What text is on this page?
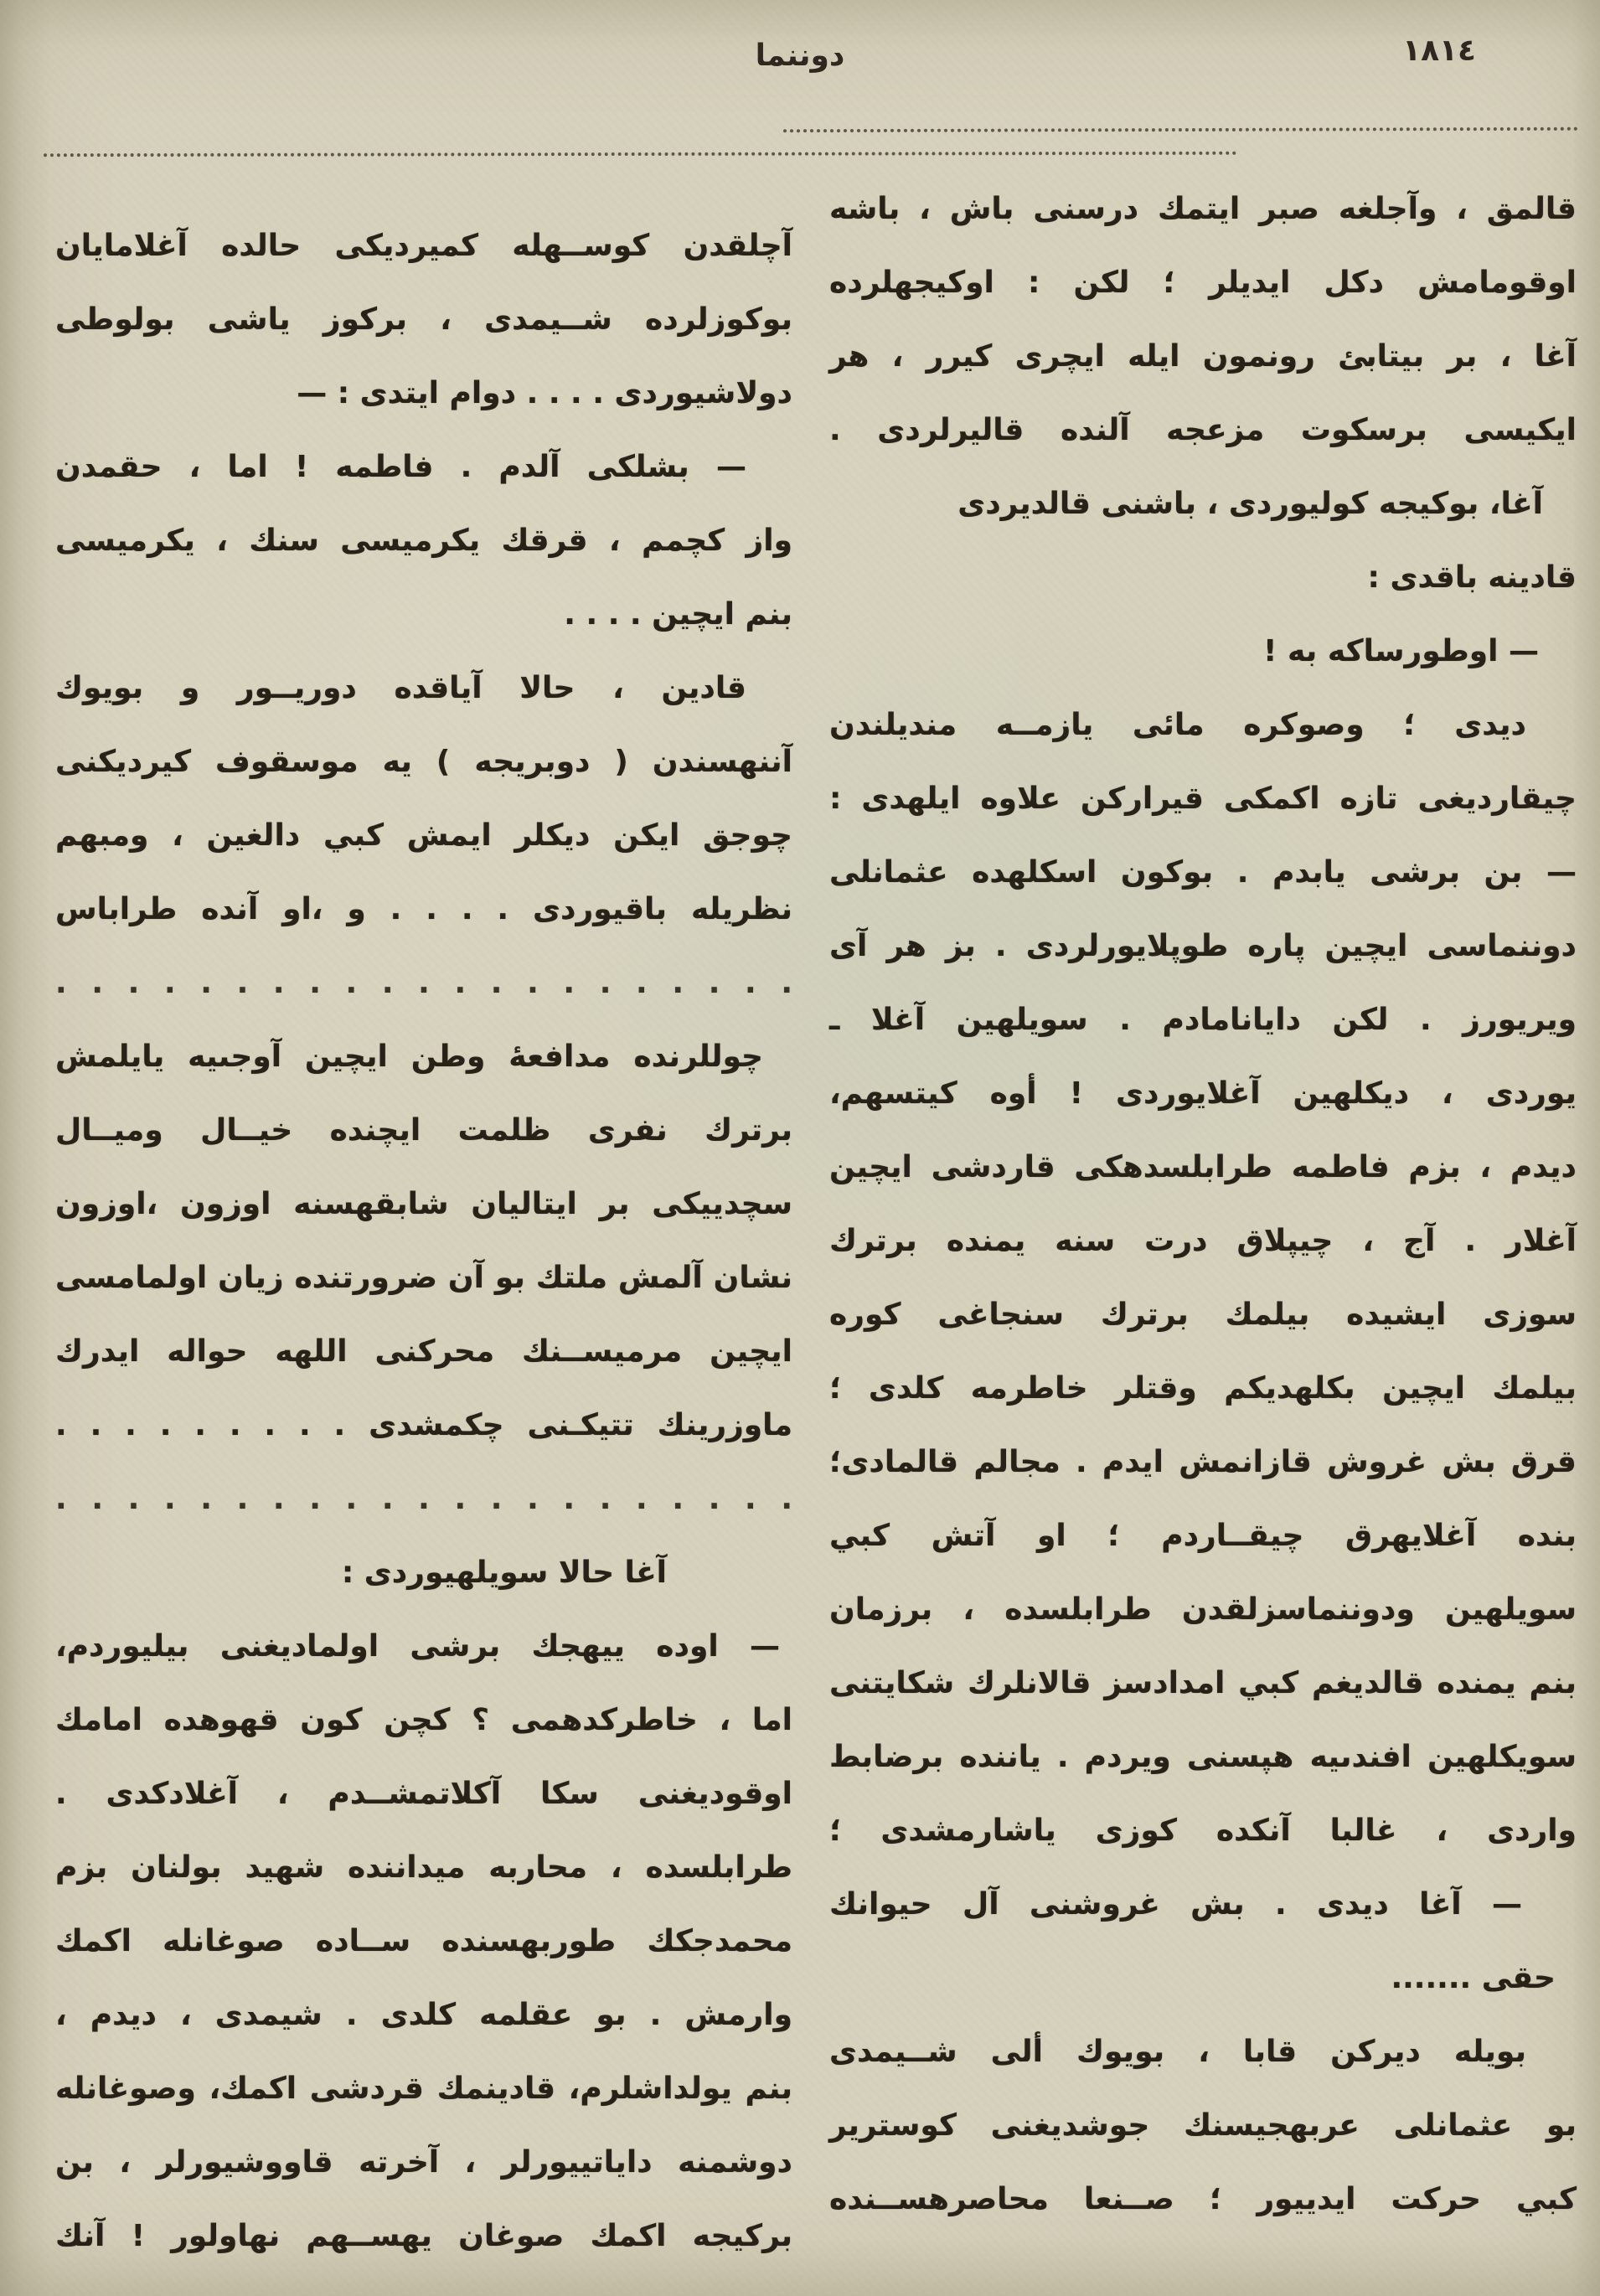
١٨١٤
دوننما
قالمق ، وآجلغه صبر ايتمك درسنى باش ، باشه
اوقومامش دكل ايديلر ؛ لكن : اوكيجهلرده
آغا ، بر بيتابئ رونمون ايله ايچرى كيرر ، هر
ايكيسى برسكوت مزعجه آلنده قاليرلردى .
آغا، بوكيجه كوليوردى ، باشنى قالديردى
قادينه باقدى :
— اوطورساكه به !
ديدى ؛ وصوكره مائى يازمــه منديلندن
چيقارديغى تازه اكمكى قيراركن علاوه ايلهدى :
— بن برشى يابدم . بوكون اسكلهده عثمانلى
دوننماسى ايچين پاره طوپلايورلردى . بز هر آى
ويريورز . لكن دايانامادم . سويلهين آغلا ـ
يوردى ، ديكلهين آغلايوردى ! أوه كيتسهم،
ديدم ، بزم فاطمه طرابلسدهكى قاردشى ايچين
آغلار . آج ، چيپلاق درت سنه يمنده برترك
سوزى ايشيده بيلمك برترك سنجاغى كوره
بيلمك ايچين بكلهديكم وقتلر خاطرمه كلدى ؛
قرق بش غروش قازانمش ايدم . مجالم قالمادى؛
بنده آغلايهرق چيقــاردم ؛ او آتش كبي
سويلهين ودوننماسزلقدن طرابلسده ، برزمان
بنم يمنده قالديغم كبي امدادسز قالانلرك شكايتنى
سويكلهين افندىيه هپسنى ويردم . ياننده برضابط
واردى ، غالبا آنكده كوزى ياشارمشدى ؛
— آغا ديدى . بش غروشنى آل حيوانك
حقى .......
بويله ديركن قابا ، بويوك ألى شــيمدى
بو عثمانلى عربهجيسنك جوشديغنى كوسترير
كبي حركت ايدييور ؛ صــنعا محاصرهســنده
آچلقدن كوســهله كميرديكى حالده آغلامايان
بوكوزلرده شــيمدى ، بركوز ياشى بولوطى
دولاشيوردى . . . . دوام ايتدى : —
— بشلكى آلدم . فاطمه ! اما ، حقمدن
واز كچمم ، قرقك يكرميسى سنك ، يكرميسى
بنم ايچين . . . .
قادين ، حالا آياقده دوريــور و بويوك
آننهسندن ( دوبريجه ) يه موسقوف كيرديكنى
چوجق ايكن ديكلر ايمش كبي دالغين ، ومبهم
نظريله باقيوردى . . . . و ،او آنده طراباس
. . . . . . . . . . . . . . . . . . . . .
چوللرنده مدافعهٔ وطن ايچين آوجىيه يايلمش
برترك نفرى ظلمت ايچنده خيــال وميــال
سچدييكى بر ايتاليان شابقهسنه اوزون ،اوزون
نشان آلمش ملتك بو آن ضرورتنده زيان اولمامسى
ايچين مرميســنك محركنى اللهه حواله ايدرك
ماوزرينك تتيكـنى چكمشدى . . . . . . . . .
. . . . . . . . . . . . . . . . . . . . .
آغا حالا سويلهيوردى :
— اوده ييهجك برشى اولماديغنى بيليوردم،
اما ، خاطركدهمى ؟ كچن كون قهوهده امامك
اوقوديغنى سكا آكلاتمشــدم ، آغلادكدى .
طرابلسده ، محاربه ميداننده شهيد بولنان بزم
محمدجكك طوربهسنده ســاده صوغانله اكمك
وارمش . بو عقلمه كلدى . شيمدى ، ديدم ،
بنم يولداشلرم، قادينمك قردشى اكمك، وصوغانله
دوشمنه داياتييورلر ، آخرته قاووشيورلر ، بن
بركيجه اكمك صوغان يهســهم نهاولور ! آنك
